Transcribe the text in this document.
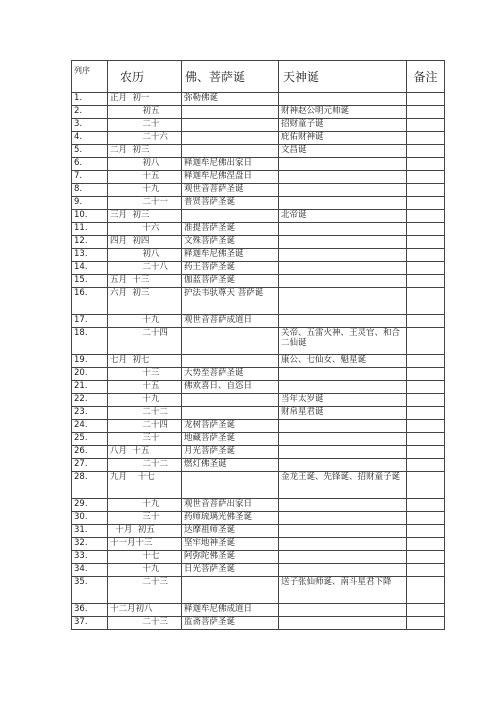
列序	农历	佛、菩萨诞	天神诞	备注
1.	正月  初一	弥勒佛诞		
2.	初五		财神赵公明元帅诞	
3.	二十		招财童子诞	
4.	二十六		庇佑财神诞	
5.	二月  初三		文昌诞	
6.	初八	释迦牟尼佛出家日		
7.	十五	释迦牟尼佛涅盘日		
8.	十九	观世音菩萨圣诞		
9.	二十一	普贤菩萨圣诞		
10.	三月  初三		北帝诞	
11.	十六	准提菩萨圣诞		
12.	四月  初四	文殊菩萨圣诞		
13.	初八	释迦牟尼佛圣诞		
14.	二十八	药王菩萨圣诞		
15.	五月  十三	伽蓝菩萨圣诞		
16.	六月  初三	护法韦驮尊天 菩萨诞		
17.	十九	观世音菩萨成道日		
18.	二十四		关帝、五雷火神、王灵官、和合二仙诞	
19.	七月  初七		康公、七仙女、魁星诞	
20.	十三	大势至菩萨圣诞		
21.	十五	佛欢喜日、自恣日		
22.	十九		当年太岁诞	
23.	二十二		财帛星君诞	
24.	二十四	龙树菩萨圣诞		
25.	三十	地藏菩萨圣诞		
26.	八月  十五	月光菩萨圣诞		
27.	二十二	燃灯佛圣诞		
28.	九月    十七		金龙王诞、先锋诞、招财童子诞	
29.	十九	观世音菩萨出家日		
30.	三十	药师琉璃光佛圣诞		
31.	十月  初五	达摩祖师圣诞		
32.	十一月十三	坚牢地神圣诞		
33.	十七	阿弥陀佛圣诞		
34.	十九	日光菩萨圣诞		
35.	二十三		送子张仙师诞、南斗星君下降	
36.	十二月初八	释迦牟尼佛成道日		
37.	二十三	监斋菩萨圣诞		
